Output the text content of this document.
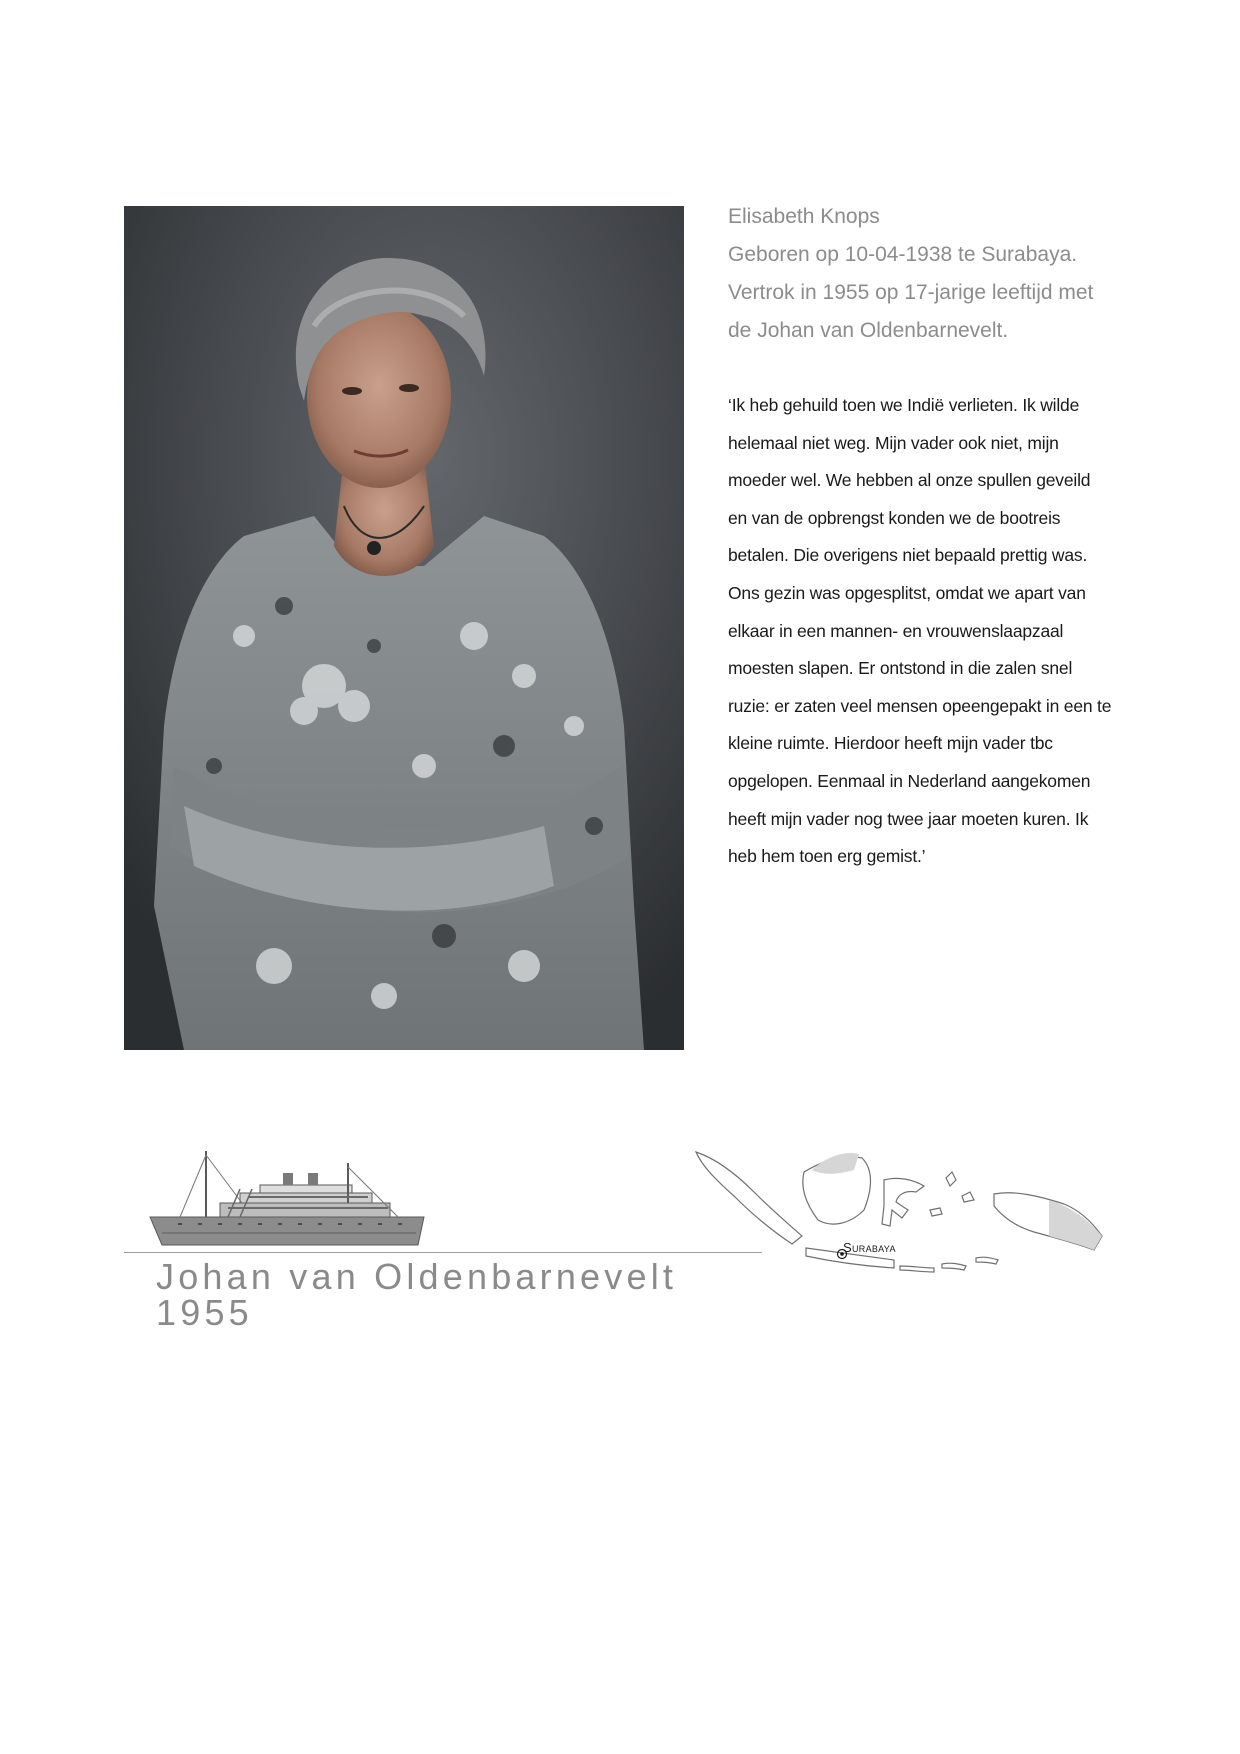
Elisabeth Knops
Geboren op 10-04-1938 te Surabaya.
Vertrok in 1955 op 17-jarige leeftijd met
de Johan van Oldenbarnevelt.
‘Ik heb gehuild toen we Indië verlieten. Ik wilde
helemaal niet weg. Mijn vader ook niet, mijn
moeder wel. We hebben al onze spullen geveild
en van de opbrengst konden we de bootreis
betalen. Die overigens niet bepaald prettig was.
Ons gezin was opgesplitst, omdat we apart van
elkaar in een mannen- en vrouwenslaapzaal
moesten slapen. Er ontstond in die zalen snel
ruzie: er zaten veel mensen opeengepakt in een te
kleine ruimte. Hierdoor heeft mijn vader tbc
opgelopen. Eenmaal in Nederland aangekomen
heeft mijn vader nog twee jaar moeten kuren. Ik
heb hem toen erg gemist.’
Surabaya
Johan van Oldenbarnevelt
1955
